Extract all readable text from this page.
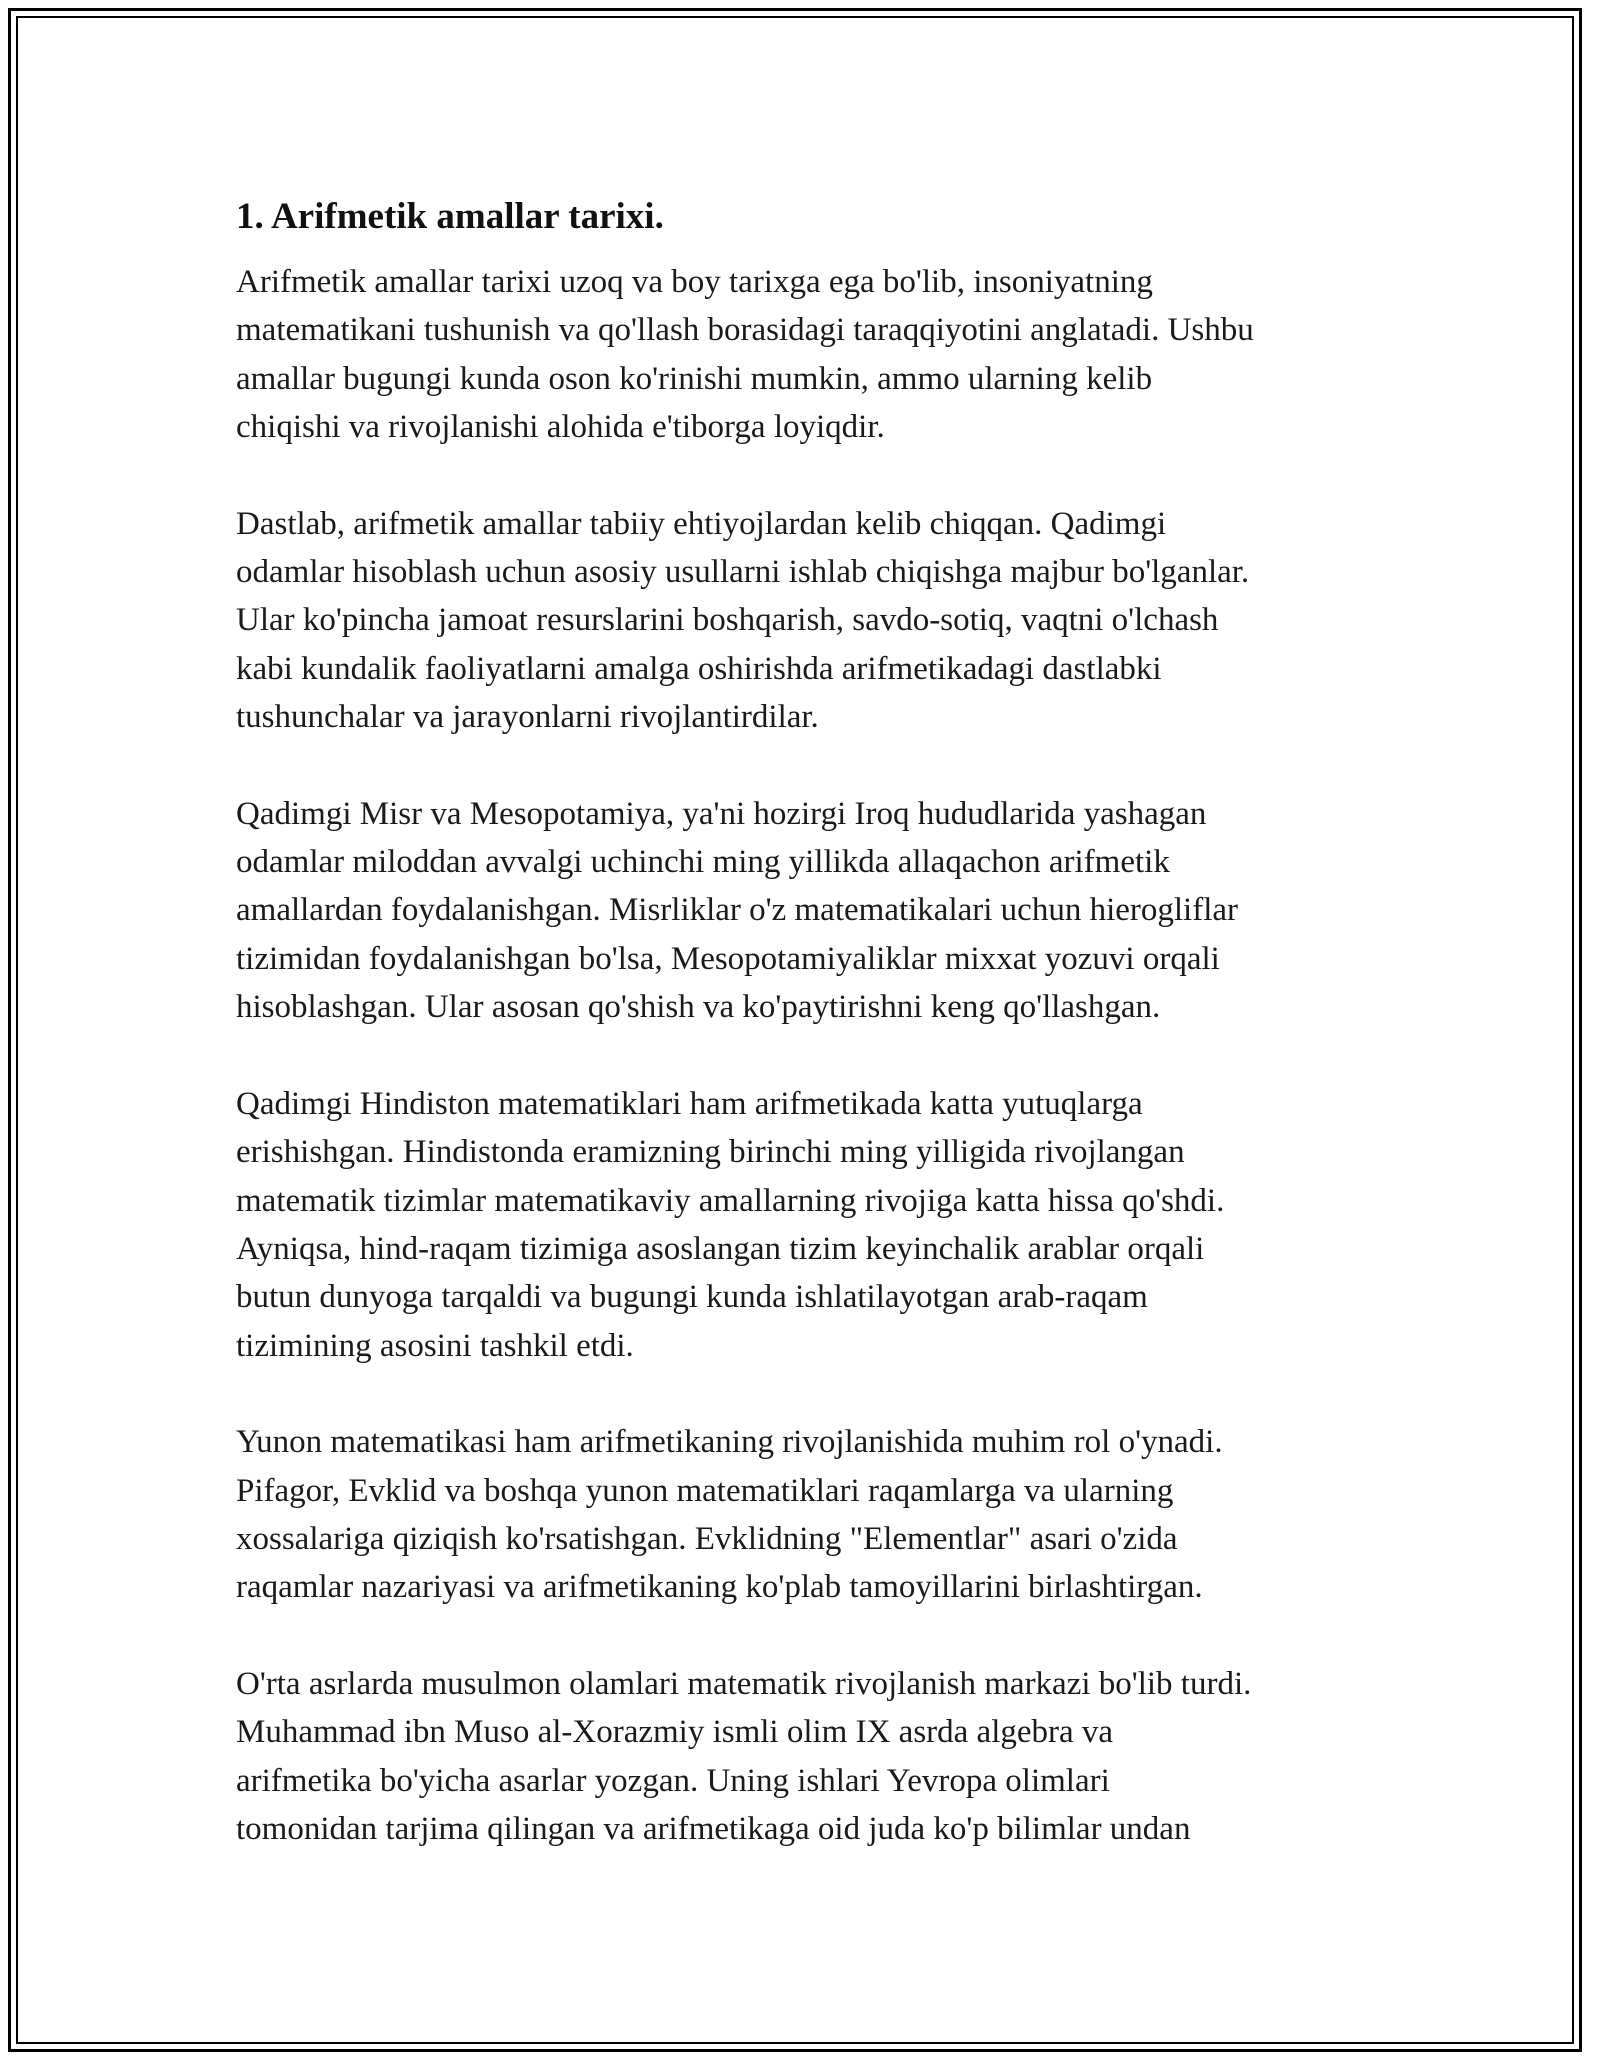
1. Arifmetik amallar tarixi.

Arifmetik amallar tarixi uzoq va boy tarixga ega bo'lib, insoniyatning
matematikani tushunish va qo'llash borasidagi taraqqiyotini anglatadi. Ushbu
amallar bugungi kunda oson ko'rinishi mumkin, ammo ularning kelib
chiqishi va rivojlanishi alohida e'tiborga loyiqdir.

Dastlab, arifmetik amallar tabiiy ehtiyojlardan kelib chiqqan. Qadimgi
odamlar hisoblash uchun asosiy usullarni ishlab chiqishga majbur bo'lganlar.
Ular ko'pincha jamoat resurslarini boshqarish, savdo-sotiq, vaqtni o'lchash
kabi kundalik faoliyatlarni amalga oshirishda arifmetikadagi dastlabki
tushunchalar va jarayonlarni rivojlantirdilar.

Qadimgi Misr va Mesopotamiya, ya'ni hozirgi Iroq hududlarida yashagan
odamlar miloddan avvalgi uchinchi ming yillikda allaqachon arifmetik
amallardan foydalanishgan. Misrliklar o'z matematikalari uchun hierogliflar
tizimidan foydalanishgan bo'lsa, Mesopotamiyaliklar mixxat yozuvi orqali
hisoblashgan. Ular asosan qo'shish va ko'paytirishni keng qo'llashgan.

Qadimgi Hindiston matematiklari ham arifmetikada katta yutuqlarga
erishishgan. Hindistonda eramizning birinchi ming yilligida rivojlangan
matematik tizimlar matematikaviy amallarning rivojiga katta hissa qo'shdi.
Ayniqsa, hind-raqam tizimiga asoslangan tizim keyinchalik arablar orqali
butun dunyoga tarqaldi va bugungi kunda ishlatilayotgan arab-raqam
tizimining asosini tashkil etdi.

Yunon matematikasi ham arifmetikaning rivojlanishida muhim rol o'ynadi.
Pifagor, Evklid va boshqa yunon matematiklari raqamlarga va ularning
xossalariga qiziqish ko'rsatishgan. Evklidning "Elementlar" asari o'zida
raqamlar nazariyasi va arifmetikaning ko'plab tamoyillarini birlashtirgan.

O'rta asrlarda musulmon olamlari matematik rivojlanish markazi bo'lib turdi.
Muhammad ibn Muso al-Xorazmiy ismli olim IX asrda algebra va
arifmetika bo'yicha asarlar yozgan. Uning ishlari Yevropa olimlari
tomonidan tarjima qilingan va arifmetikaga oid juda ko'p bilimlar undan
